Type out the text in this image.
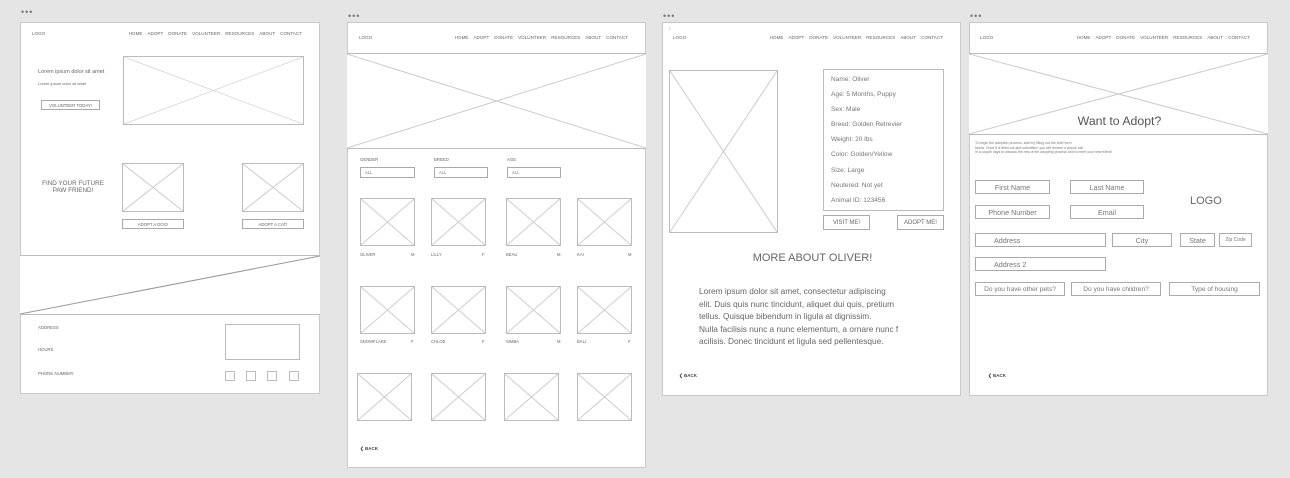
•••
LOGO	HOME ADOPT DONATE VOLUNTEER RESOURCES ABOUT CONTACT
Lorem ipsum dolor sit amet
Lorem ipsum dolor sit amet
VOLUNTEER TODAY!
FIND YOUR FUTURE
PAW FRIEND!
ADOPT A DOG!	ADOPT A CAT!
ADDRESS
HOURS
PHONE NUMBER
•••
LOGO	HOME ADOPT DONATE VOLUNTEER RESOURCES ABOUT CONTACT
GENDER
ALL
BREED
ALL
AGE
ALL
OLIVER	M	LILLY	F	BEAU	M	KAI	M
SNOWFLAKE	F	CHLOE	F	SIMBA	M	BALI	F
❮ BACK
•••
‹
LOGO	HOME ADOPT DONATE VOLUNTEER RESOURCES ABOUT CONTACT
Name: Oliver
Age: 5 Months, Puppy
Sex: Male
Breed: Golden Retrevier
Weight: 20 lbs
Color: Golden/Yellow
Size: Large
Neutered: Not yet
Animal ID: 123456
VISIT ME!	ADOPT ME!
MORE ABOUT OLIVER!
Lorem ipsum dolor sit amet, consectetur adipiscing
elit. Duis quis nunc tincidunt, aliquet dui quis, pretium
tellus. Quisque bibendum in ligula at dignissim.
Nulla facilisis nunc a nunc elementum, a ornare nunc f
acilisis. Donec tincidunt et ligula sed pellentesque.
❮ BACK
•••
LOGO	HOME ADOPT DONATE VOLUNTEER RESOURCES ABOUT CONTACT
Want to Adopt?
To begin the adoption process, start by filling out the brief form
below. Once it is filled out and submitted, you will receive a phone call
in a couple days to discuss the rest of the adopting process and to meet your new friend!
First Name	Last Name
Phone Number	Email
LOGO
Address	City	State	Zip Code
Address 2
Do you have other pets?	Do you have children?	Type of housing
❮ BACK
